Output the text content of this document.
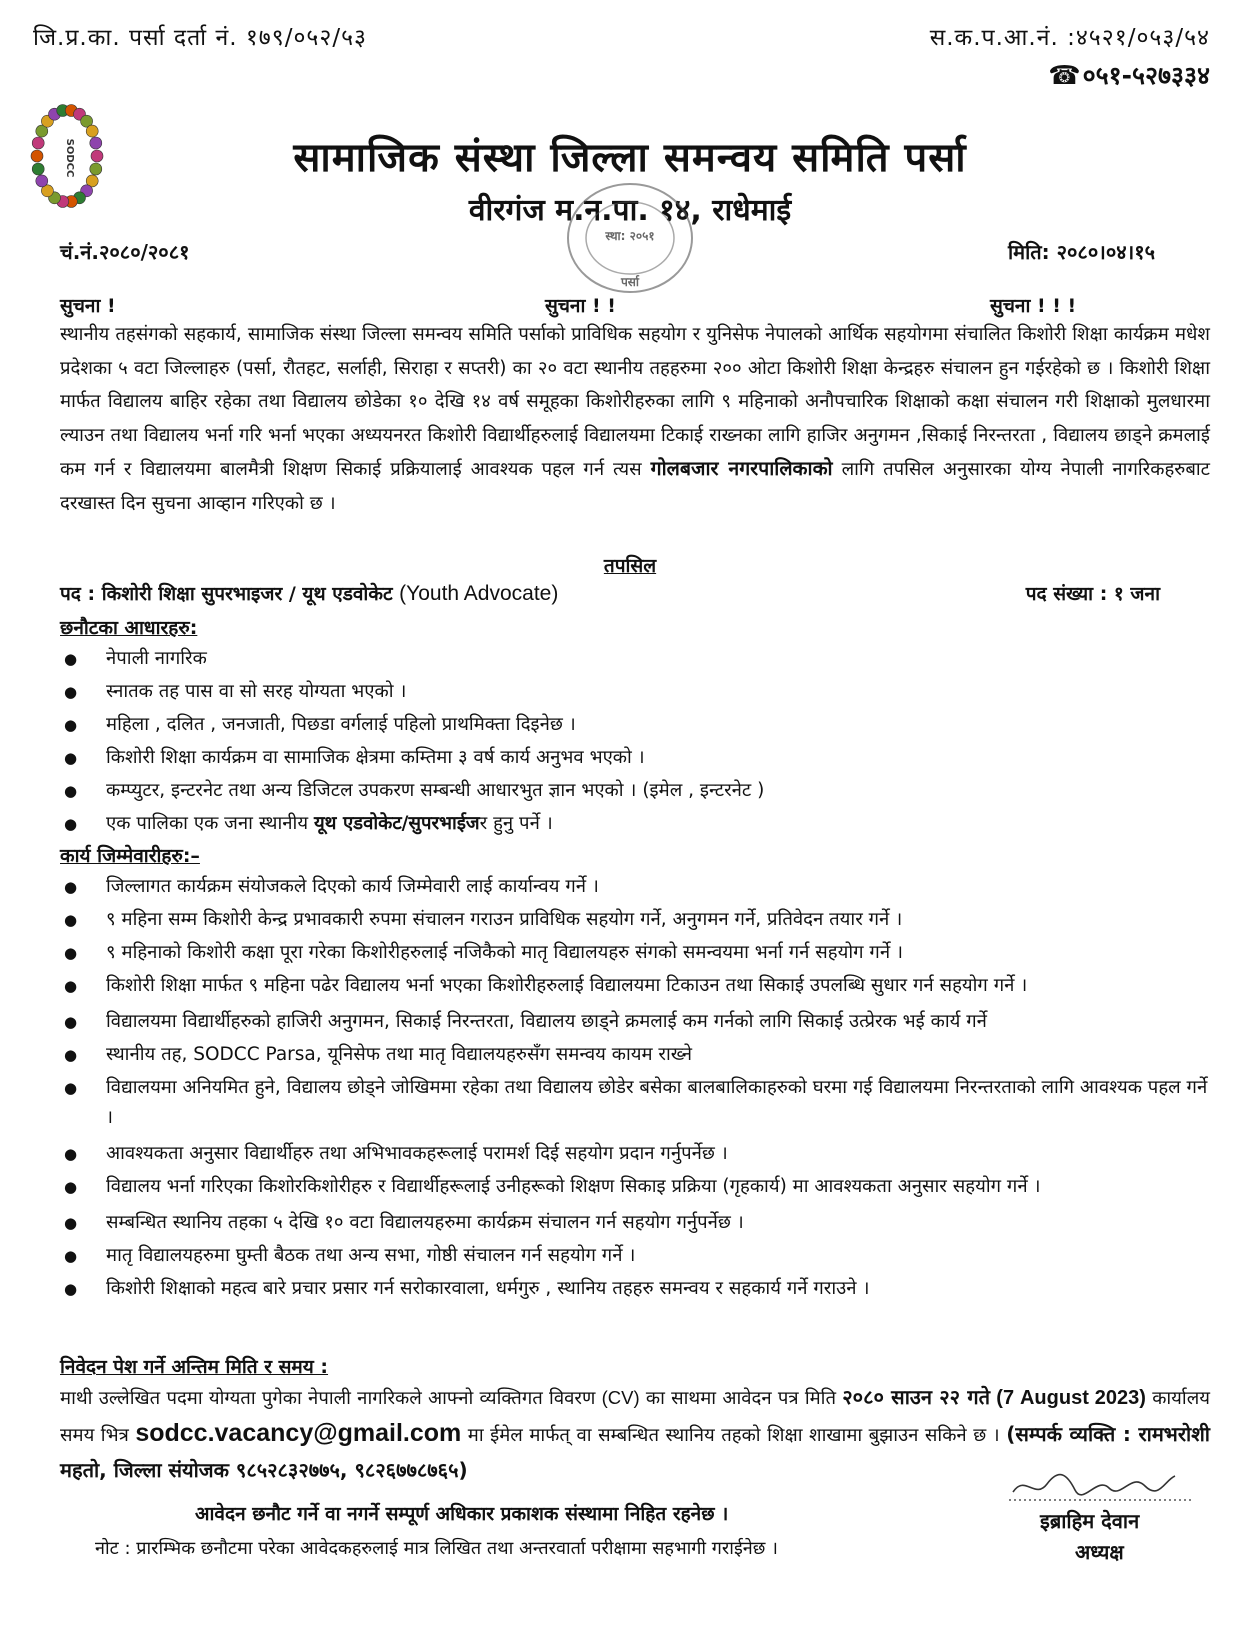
जि.प्र.का. पर्सा दर्ता नं. १७९/०५२/५३	स.क.प.आ.नं. :४५२१/०५३/५४
☎०५१-५२७३३४
SODCC	सामाजिक संस्था जिल्ला समन्वय समिति पर्सा
वीरगंज म.न.पा. १४, राधेमाई
स्था: २०५१
पर्सा
चं.नं.२०८०/२०८१	मिति: २०८०।०४।१५
सुचना !	सुचना ! !	सुचना ! ! !
स्थानीय तहसंगको सहकार्य, सामाजिक संस्था जिल्ला समन्वय समिति पर्साको प्राविधिक सहयोग र युनिसेफ नेपालको आर्थिक सहयोगमा संचालित किशोरी शिक्षा कार्यक्रम मधेश प्रदेशका ५ वटा जिल्लाहरु (पर्सा, रौतहट, सर्लाही, सिराहा र सप्तरी) का २० वटा स्थानीय तहहरुमा २०० ओटा किशोरी शिक्षा केन्द्रहरु संचालन हुन गईरहेको छ । किशोरी शिक्षा मार्फत विद्यालय बाहिर रहेका तथा विद्यालय छोडेका १० देखि १४ वर्ष समूहका किशोरीहरुका लागि ९ महिनाको अनौपचारिक शिक्षाको कक्षा संचालन गरी शिक्षाको मुलधारमा ल्याउन तथा विद्यालय भर्ना गरि भर्ना भएका अध्ययनरत किशोरी विद्यार्थीहरुलाई विद्यालयमा टिकाई राख्नका लागि हाजिर अनुगमन ,सिकाई निरन्तरता , विद्यालय छाड्ने क्रमलाई कम गर्न र विद्यालयमा बालमैत्री शिक्षण सिकाई प्रक्रियालाई आवश्यक पहल गर्न त्यस गोलबजार नगरपालिकाको लागि तपसिल अनुसारका योग्य नेपाली नागरिकहरुबाट दरखास्त दिन सुचना आव्हान गरिएको छ ।
तपसिल
पद : किशोरी शिक्षा सुपरभाइजर / यूथ एडवोकेट (Youth Advocate)	पद संख्या : १ जना
छनौटका आधारहरु:
● नेपाली नागरिक
● स्नातक तह पास वा सो सरह योग्यता भएको ।
● महिला , दलित , जनजाती, पिछडा वर्गलाई पहिलो प्राथमिक्ता दिइनेछ ।
● किशोरी शिक्षा कार्यक्रम वा सामाजिक क्षेत्रमा कम्तिमा ३ वर्ष कार्य अनुभव भएको ।
● कम्प्युटर, इन्टरनेट तथा अन्य डिजिटल उपकरण सम्बन्धी आधारभुत ज्ञान भएको । (इमेल , इन्टरनेट )
● एक पालिका एक जना स्थानीय यूथ एडवोकेट/सुपरभाईजर हुनु पर्ने ।
कार्य जिम्मेवारीहरु:–
● जिल्लागत कार्यक्रम संयोजकले दिएको कार्य जिम्मेवारी लाई कार्यान्वय गर्ने ।
● ९ महिना सम्म किशोरी केन्द्र प्रभावकारी रुपमा संचालन गराउन प्राविधिक सहयोग गर्ने, अनुगमन गर्ने, प्रतिवेदन तयार गर्ने ।
● ९ महिनाको किशोरी कक्षा पूरा गरेका किशोरीहरुलाई नजिकैको मातृ विद्यालयहरु संगको समन्वयमा भर्ना गर्न सहयोग गर्ने ।
● किशोरी शिक्षा मार्फत ९ महिना पढेर विद्यालय भर्ना भएका किशोरीहरुलाई विद्यालयमा टिकाउन तथा सिकाई उपलब्धि सुधार गर्न सहयोग गर्ने ।
● विद्यालयमा विद्यार्थीहरुको हाजिरी अनुगमन, सिकाई निरन्तरता, विद्यालय छाड्ने क्रमलाई कम गर्नको लागि सिकाई उत्प्रेरक भई कार्य गर्ने
● स्थानीय तह, SODCC Parsa, यूनिसेफ तथा मातृ विद्यालयहरुसँग समन्वय कायम राख्ने
● विद्यालयमा अनियमित हुने, विद्यालय छोड्ने जोखिममा रहेका तथा विद्यालय छोडेर बसेका बालबालिकाहरुको घरमा गई विद्यालयमा निरन्तरताको लागि आवश्यक पहल गर्ने ।
● आवश्यकता अनुसार विद्यार्थीहरु तथा अभिभावकहरूलाई परामर्श दिई सहयोग प्रदान गर्नुपर्नेछ ।
● विद्यालय भर्ना गरिएका किशोरकिशोरीहरु र विद्यार्थीहरूलाई उनीहरूको शिक्षण सिकाइ प्रक्रिया (गृहकार्य) मा आवश्यकता अनुसार सहयोग गर्ने ।
● सम्बन्धित स्थानिय तहका ५ देखि १० वटा विद्यालयहरुमा कार्यक्रम संचालन गर्न सहयोग गर्नुपर्नेछ ।
● मातृ विद्यालयहरुमा घुम्ती बैठक तथा अन्य सभा, गोष्ठी संचालन गर्न सहयोग गर्ने ।
● किशोरी शिक्षाको महत्व बारे प्रचार प्रसार गर्न सरोकारवाला, धर्मगुरु , स्थानिय तहहरु समन्वय र सहकार्य गर्ने गराउने ।
निवेदन पेश गर्ने अन्तिम मिति र समय :
माथी उल्लेखित पदमा योग्यता पुगेका नेपाली नागरिकले आफ्नो व्यक्तिगत विवरण (CV) का साथमा आवेदन पत्र मिति २०८० साउन २२ गते (7 August 2023) कार्यालय समय भित्र sodcc.vacancy@gmail.com मा ईमेल मार्फत् वा सम्बन्धित स्थानिय तहको शिक्षा शाखामा बुझाउन सकिने छ । (सम्पर्क व्यक्ति : रामभरोशी महतो, जिल्ला संयोजक ९८५२८३२७७५, ९८२६७७८७६५)
आवेदन छनौट गर्ने वा नगर्ने सम्पूर्ण अधिकार प्रकाशक संस्थामा निहित रहनेछ ।
नोट : प्रारम्भिक छनौटमा परेका आवेदकहरुलाई मात्र लिखित तथा अन्तरवार्ता परीक्षामा सहभागी गराईनेछ ।
इब्राहिम देवान
अध्यक्ष
